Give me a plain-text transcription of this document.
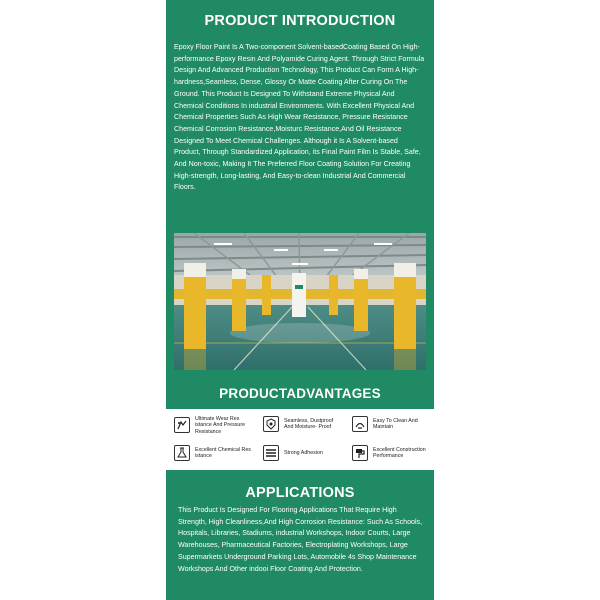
PRODUCT INTRODUCTION
Epoxy Floor Paint Is A Two-component Solvent-basedCoating Based On High-performance Epoxy Resin And Polyamide Curing Agent. Through Strict Formula Design And Advanced Production Technology, This Product Can Form A High-hardness,Seamless, Dense, Glossy Or Matte Coating After Curing On The Ground. This Product Is Designed To Withstand Extreme Physical And Chemical Conditions In industrial Environments. With Excellent Physical And Chemical Properties Such As High Wear Resistance, Pressure Resistance Chemical Corrosion Resistance,Moisturc Resistance,And Oil Resistance Designed To Meet Chemical Challenges. Although it Is A Solvent-based Product, Through Standardized Application, its Final Paint Film Is Stable, Safe, And Non-toxic, Making It The Preferred Floor Coating Solution For Creating High-strength, Long-lasting, And Easy-to-clean Industrial And Commercial Floors.
PRODUCTADVANTAGES
Ultimate Wear Res istance And Pressure Resistance
Seamless, Dustproof And Moisture- Proof
Easy To Clean And Maintain
Excellent Chemical Res istance
Strong Adhesion
Excellent Construction Performance
APPLICATIONS
This Product Is Designed For Flooring Applications That Require High Strength, High Cleanliness,And High Corrosion Resistance: Such As Schools, Hospitals, Libraries, Stadiums, industrial Workshops, Indoor Courts, Large Warehouses, Pharmaceutical Factories, Electroplating Workshops, Large Supermarkets Underground Parking Lots, Automobile 4s Shop Maintenance Workshops And Other indooi Floor Coating And Protection.
